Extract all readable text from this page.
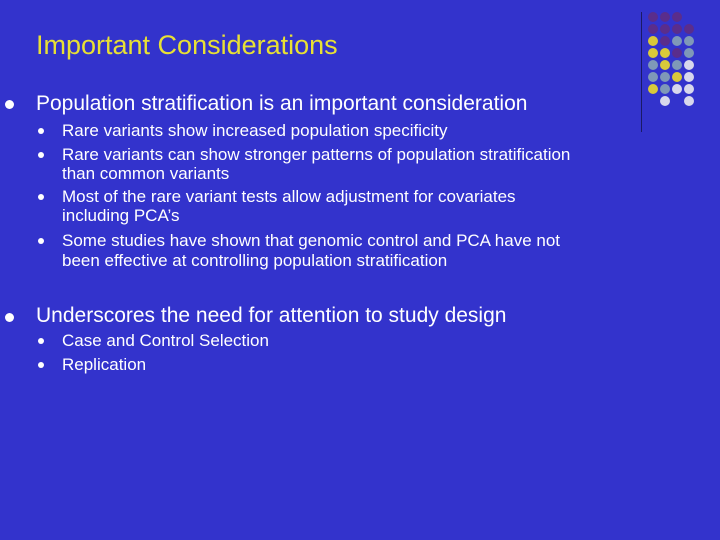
Important Considerations
Population stratification is an important consideration
Rare variants show increased population specificity
Rare variants can show stronger patterns of population stratification
than common variants
Most of the rare variant tests allow adjustment for covariates
including PCA’s
Some studies have shown that genomic control and PCA have not
been effective at controlling population stratification
Underscores the need for attention to study design
Case and Control Selection
Replication
